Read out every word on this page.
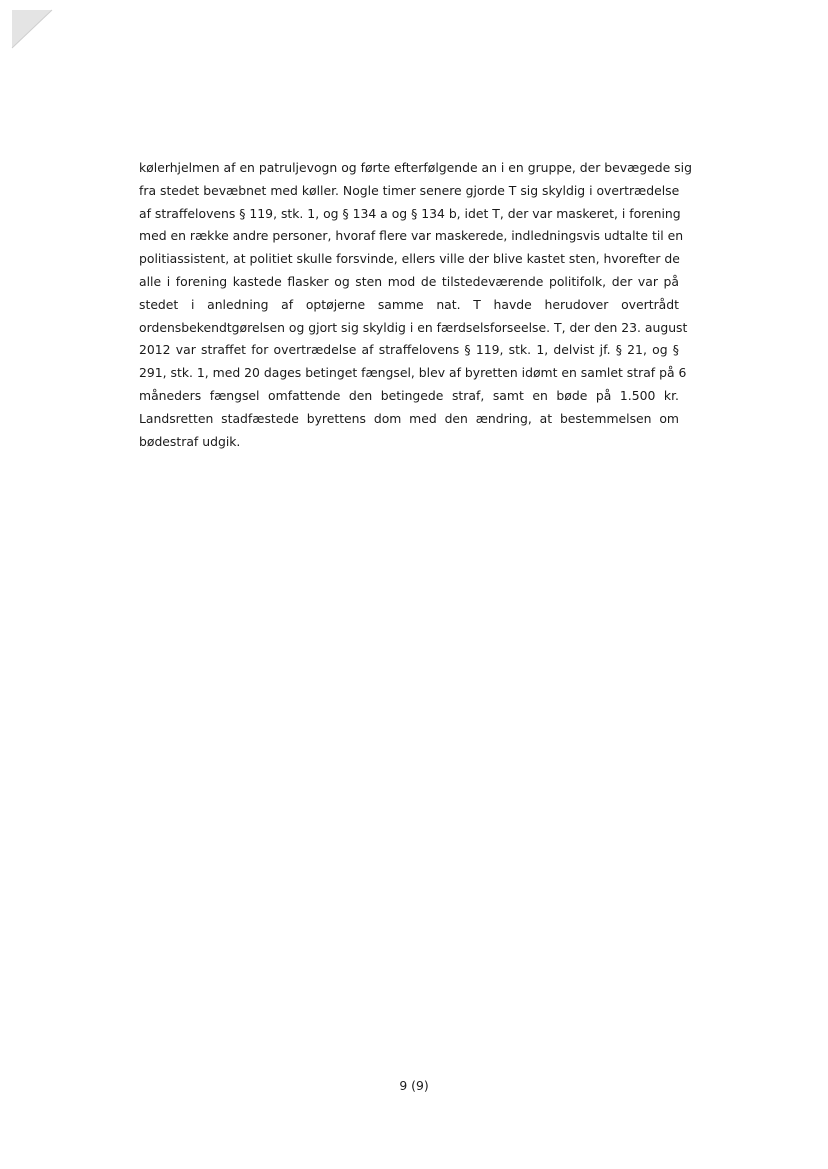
kølerhjelmen af en patruljevogn og førte efterfølgende an i en gruppe, der bevægede sig
fra stedet bevæbnet med køller. Nogle timer senere gjorde T sig skyldig i overtrædelse
af straffelovens § 119, stk. 1, og § 134 a og § 134 b, idet T, der var maskeret, i forening
med en række andre personer, hvoraf flere var maskerede, indledningsvis udtalte til en
politiassistent, at politiet skulle forsvinde, ellers ville der blive kastet sten, hvorefter de
alle i forening kastede flasker og sten mod de tilstedeværende politifolk, der var på
stedet i anledning af optøjerne samme nat. T havde herudover overtrådt
ordensbekendtgørelsen og gjort sig skyldig i en færdselsforseelse. T, der den 23. august
2012 var straffet for overtrædelse af straffelovens § 119, stk. 1, delvist jf. § 21, og §
291, stk. 1, med 20 dages betinget fængsel, blev af byretten idømt en samlet straf på 6
måneders fængsel omfattende den betingede straf, samt en bøde på 1.500 kr.
Landsretten stadfæstede byrettens dom med den ændring, at bestemmelsen om
bødestraf udgik.
9 (9)
